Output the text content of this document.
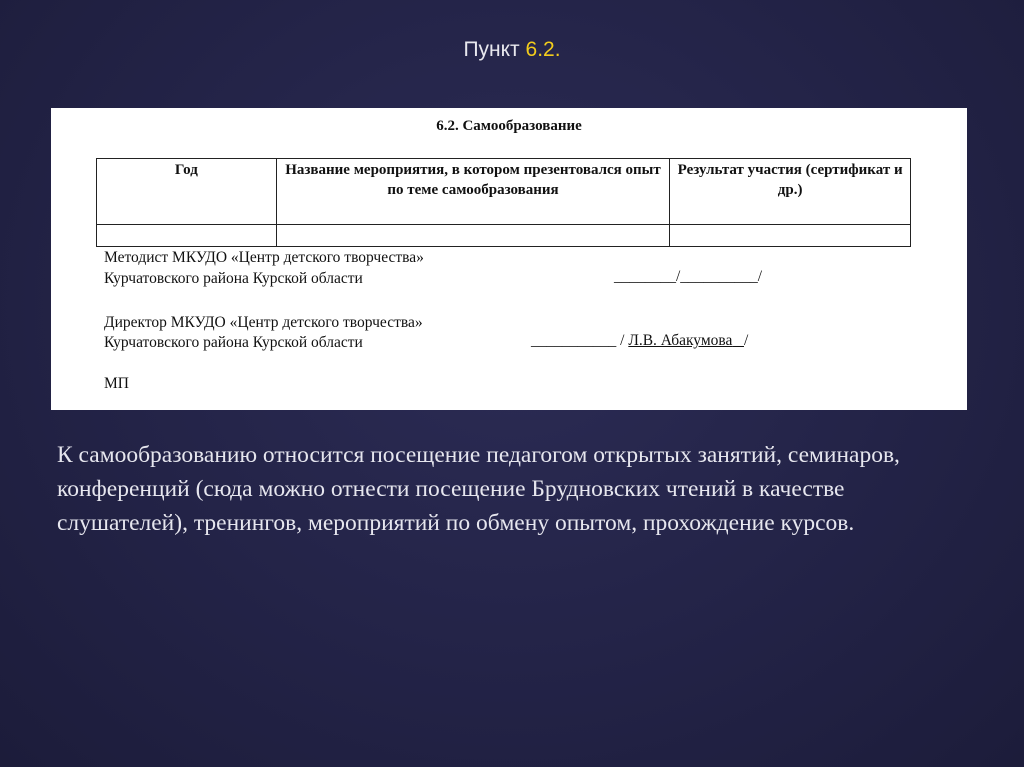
Пункт 6.2.
6.2. Самообразование
Год	Название мероприятия, в котором презентовался опыт по теме самообразования	Результат участия (сертификат и др.)

Методист МКУДО «Центр детского творчества»
Курчатовского района Курской области	________/__________/
Директор МКУДО «Центр детского творчества»
Курчатовского района Курской области	___________ / Л.В. Абакумова /
МП
К самообразованию относится посещение педагогом открытых занятий, семинаров, конференций (сюда можно отнести посещение Брудновских чтений в качестве слушателей), тренингов, мероприятий по обмену опытом, прохождение курсов.
